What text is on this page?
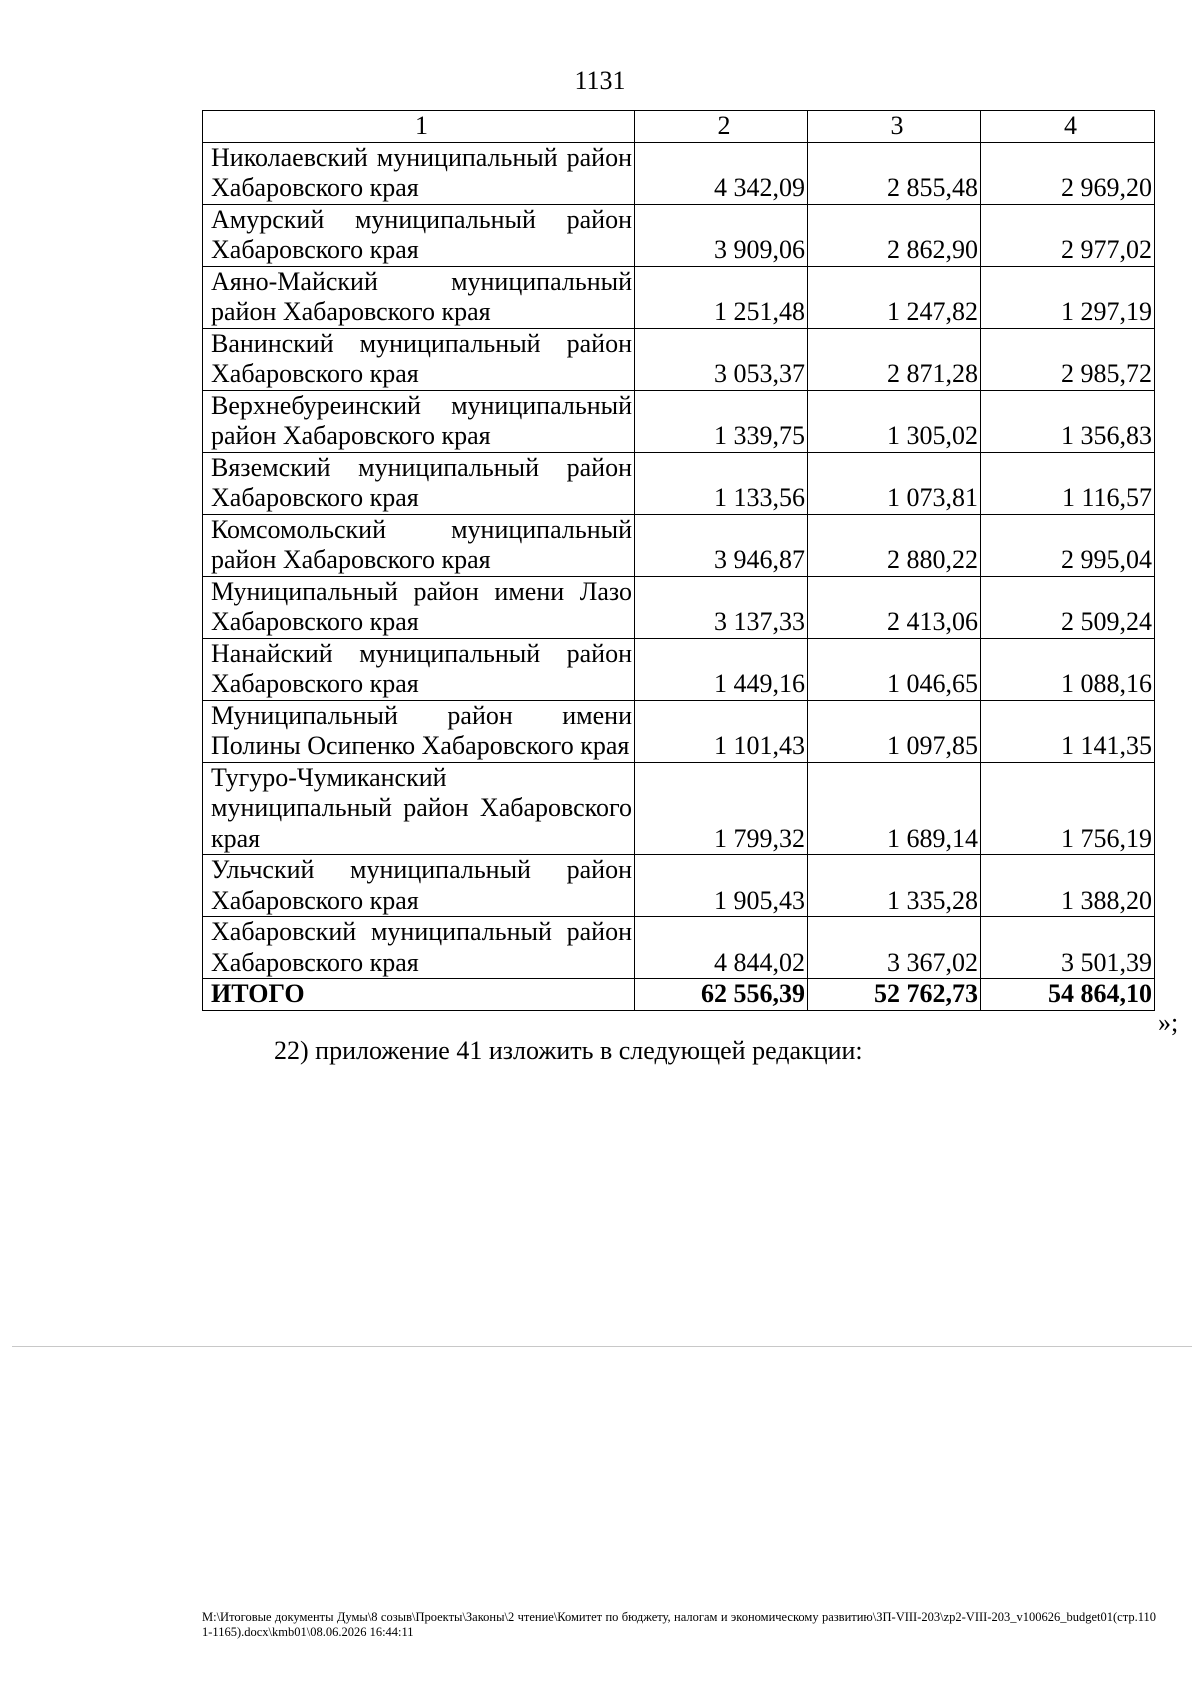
1131
1	2	3	4
Николаевский муниципальный район Хабаровского края	4 342,09	2 855,48	2 969,20
Амурский муниципальный район Хабаровского края	3 909,06	2 862,90	2 977,02
Аяно-Майский муниципальный район Хабаровского края	1 251,48	1 247,82	1 297,19
Ванинский муниципальный район Хабаровского края	3 053,37	2 871,28	2 985,72
Верхнебуреинский муниципальный район Хабаровского края	1 339,75	1 305,02	1 356,83
Вяземский муниципальный район Хабаровского края	1 133,56	1 073,81	1 116,57
Комсомольский муниципальный район Хабаровского края	3 946,87	2 880,22	2 995,04
Муниципальный район имени Лазо Хабаровского края	3 137,33	2 413,06	2 509,24
Нанайский муниципальный район Хабаровского края	1 449,16	1 046,65	1 088,16
Муниципальный район имени Полины Осипенко Хабаровского края	1 101,43	1 097,85	1 141,35
Тугуро-Чумиканский муниципальный район Хабаровского края	1 799,32	1 689,14	1 756,19
Ульчский муниципальный район Хабаровского края	1 905,43	1 335,28	1 388,20
Хабаровский муниципальный район Хабаровского края	4 844,02	3 367,02	3 501,39
ИТОГО	62 556,39	52 762,73	54 864,10
»;
22) приложение 41 изложить в следующей редакции:
M:\Итоговые документы Думы\8 созыв\Проекты\Законы\2 чтение\Комитет по бюджету, налогам и экономическому развитию\ЗП-VIII-203\zp2-VIII-203_v100626_budget01(стр.1101-1165).docx\kmb01\08.06.2026 16:44:11
